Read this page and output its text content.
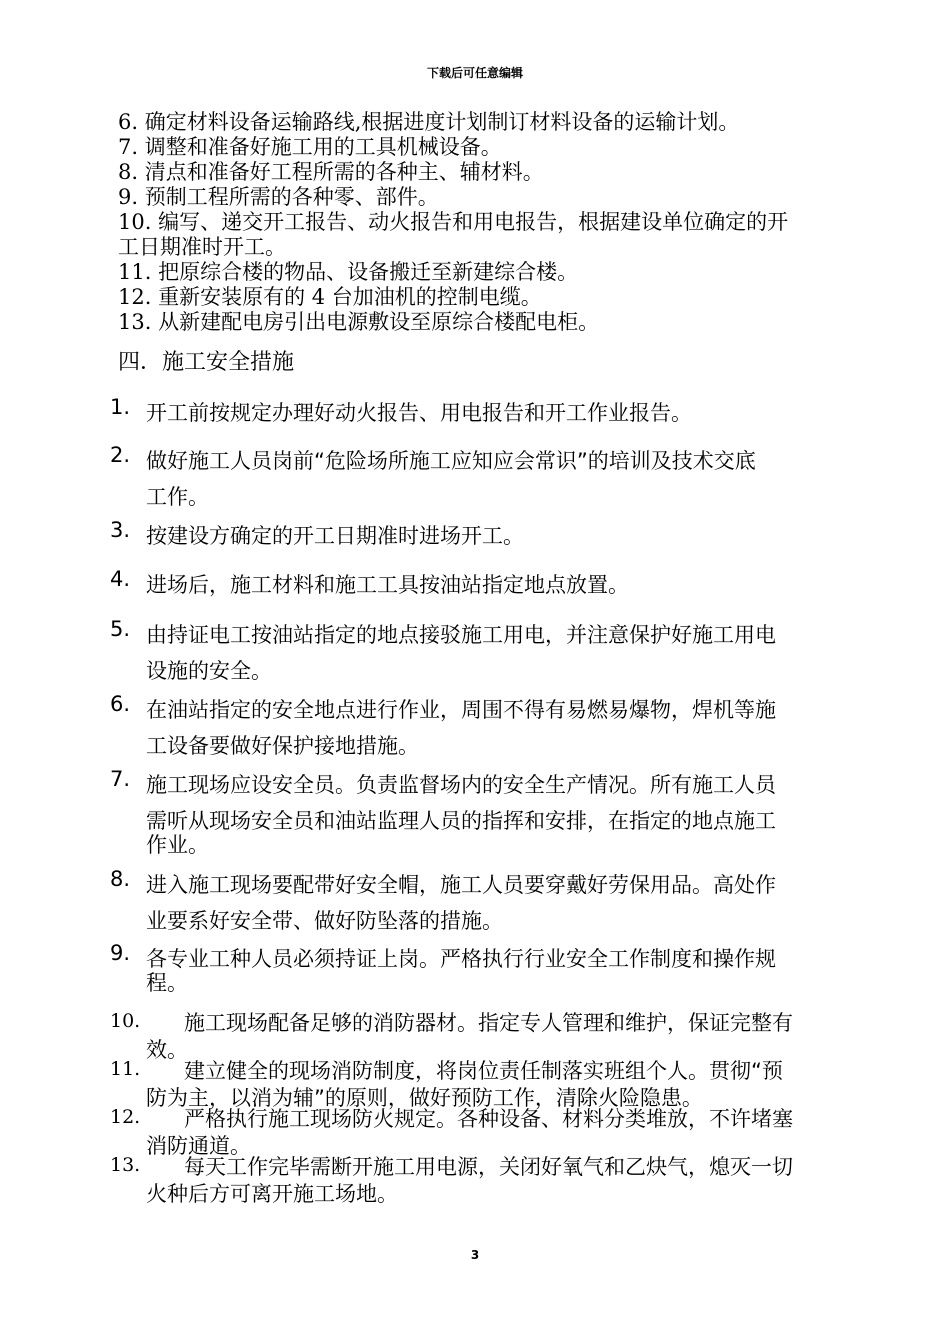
下载后可任意编辑
6. 确定材料设备运输路线,根据进度计划制订材料设备的运输计划。
7. 调整和准备好施工用的工具机械设备。
8. 清点和准备好工程所需的各种主、辅材料。
9. 预制工程所需的各种零、部件。
10. 编写、递交开工报告、动火报告和用电报告，根据建设单位确定的开
工日期准时开工。
11. 把原综合楼的物品、设备搬迁至新建综合楼。
12. 重新安装原有的 4 台加油机的控制电缆。
13. 从新建配电房引出电源敷设至原综合楼配电柜。
四．施工安全措施
1. 开工前按规定办理好动火报告、用电报告和开工作业报告。
2. 做好施工人员岗前“危险场所施工应知应会常识”的培训及技术交底
工作。
3. 按建设方确定的开工日期准时进场开工。
4. 进场后，施工材料和施工工具按油站指定地点放置。
5. 由持证电工按油站指定的地点接驳施工用电，并注意保护好施工用电
设施的安全。
6. 在油站指定的安全地点进行作业，周围不得有易燃易爆物，焊机等施
工设备要做好保护接地措施。
7. 施工现场应设安全员。负责监督场内的安全生产情况。所有施工人员
需听从现场安全员和油站监理人员的指挥和安排，在指定的地点施工
作业。
8. 进入施工现场要配带好安全帽，施工人员要穿戴好劳保用品。高处作
业要系好安全带、做好防坠落的措施。
9. 各专业工种人员必须持证上岗。严格执行行业安全工作制度和操作规
程。
10.	施工现场配备足够的消防器材。指定专人管理和维护，保证完整有
效。
11.	建立健全的现场消防制度，将岗位责任制落实班组个人。贯彻“预
防为主，以消为辅”的原则，做好预防工作，清除火险隐患。
12.	严格执行施工现场防火规定。各种设备、材料分类堆放，不许堵塞
消防通道。
13.	每天工作完毕需断开施工用电源，关闭好氧气和乙炔气，熄灭一切
火种后方可离开施工场地。
3
